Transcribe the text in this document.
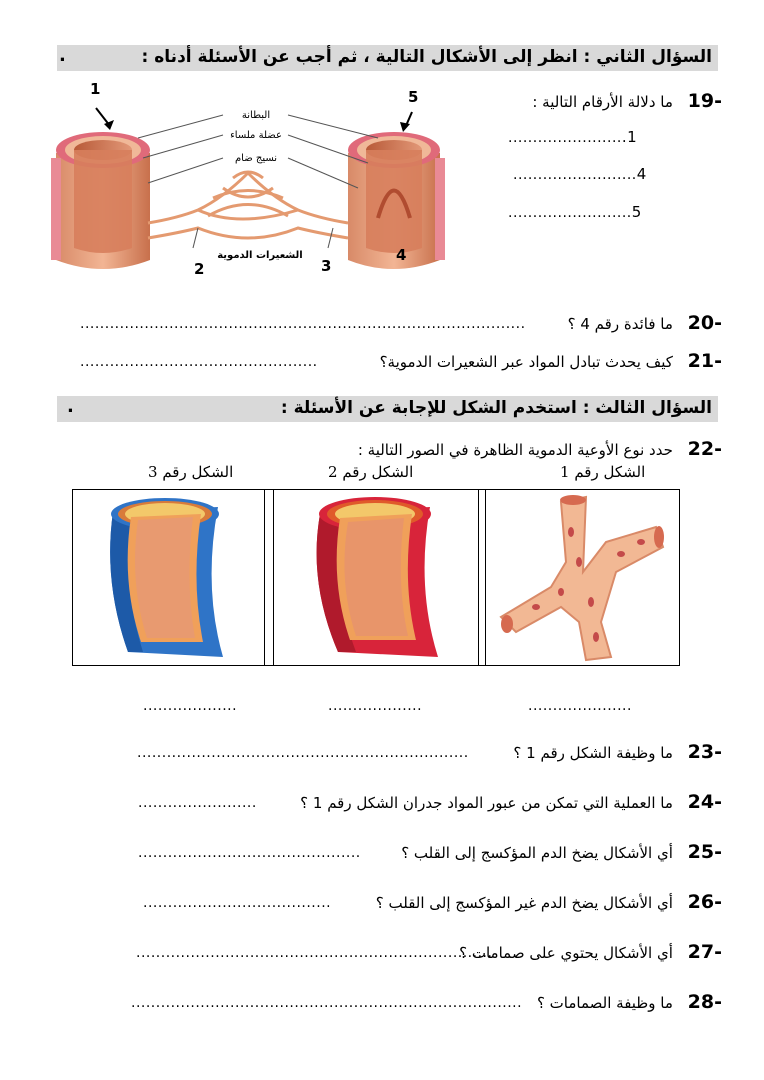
السؤال الثاني : انظر إلى الأشكال التالية ، ثم أجب عن الأسئلة أدناه :
.
البطانة
عضلة ملساء
نسيج ضام
الشعيرات الدموية
1
2	3
4
5	-19 ما دلالة الأرقام التالية :
........................1
.........................4
.........................5
-20 ما فائدة رقم 4 ؟
..........................................................................................
-21 كيف يحدث تبادل المواد عبر الشعيرات الدموية؟
................................................
السؤال الثالث : استخدم الشكل للإجابة عن الأسئلة :
.
-22 حدد نوع الأوعية الدموية الظاهرة في الصور التالية :
الشكل رقم 3	الشكل رقم 2	الشكل رقم 1
...................	...................	.....................
-23 ما وظيفة الشكل رقم 1 ؟
...................................................................
-24 ما العملية التي تمكن من عبور المواد جدران الشكل رقم 1 ؟
........................
-25 أي الأشكال يضخ الدم المؤكسج إلى القلب ؟
.............................................
-26 أي الأشكال يضخ الدم غير المؤكسج إلى القلب ؟
......................................
-27 أي الأشكال يحتوي على صمامات ؟
........................................................................
-28 ما وظيفة الصمامات ؟
...............................................................................
